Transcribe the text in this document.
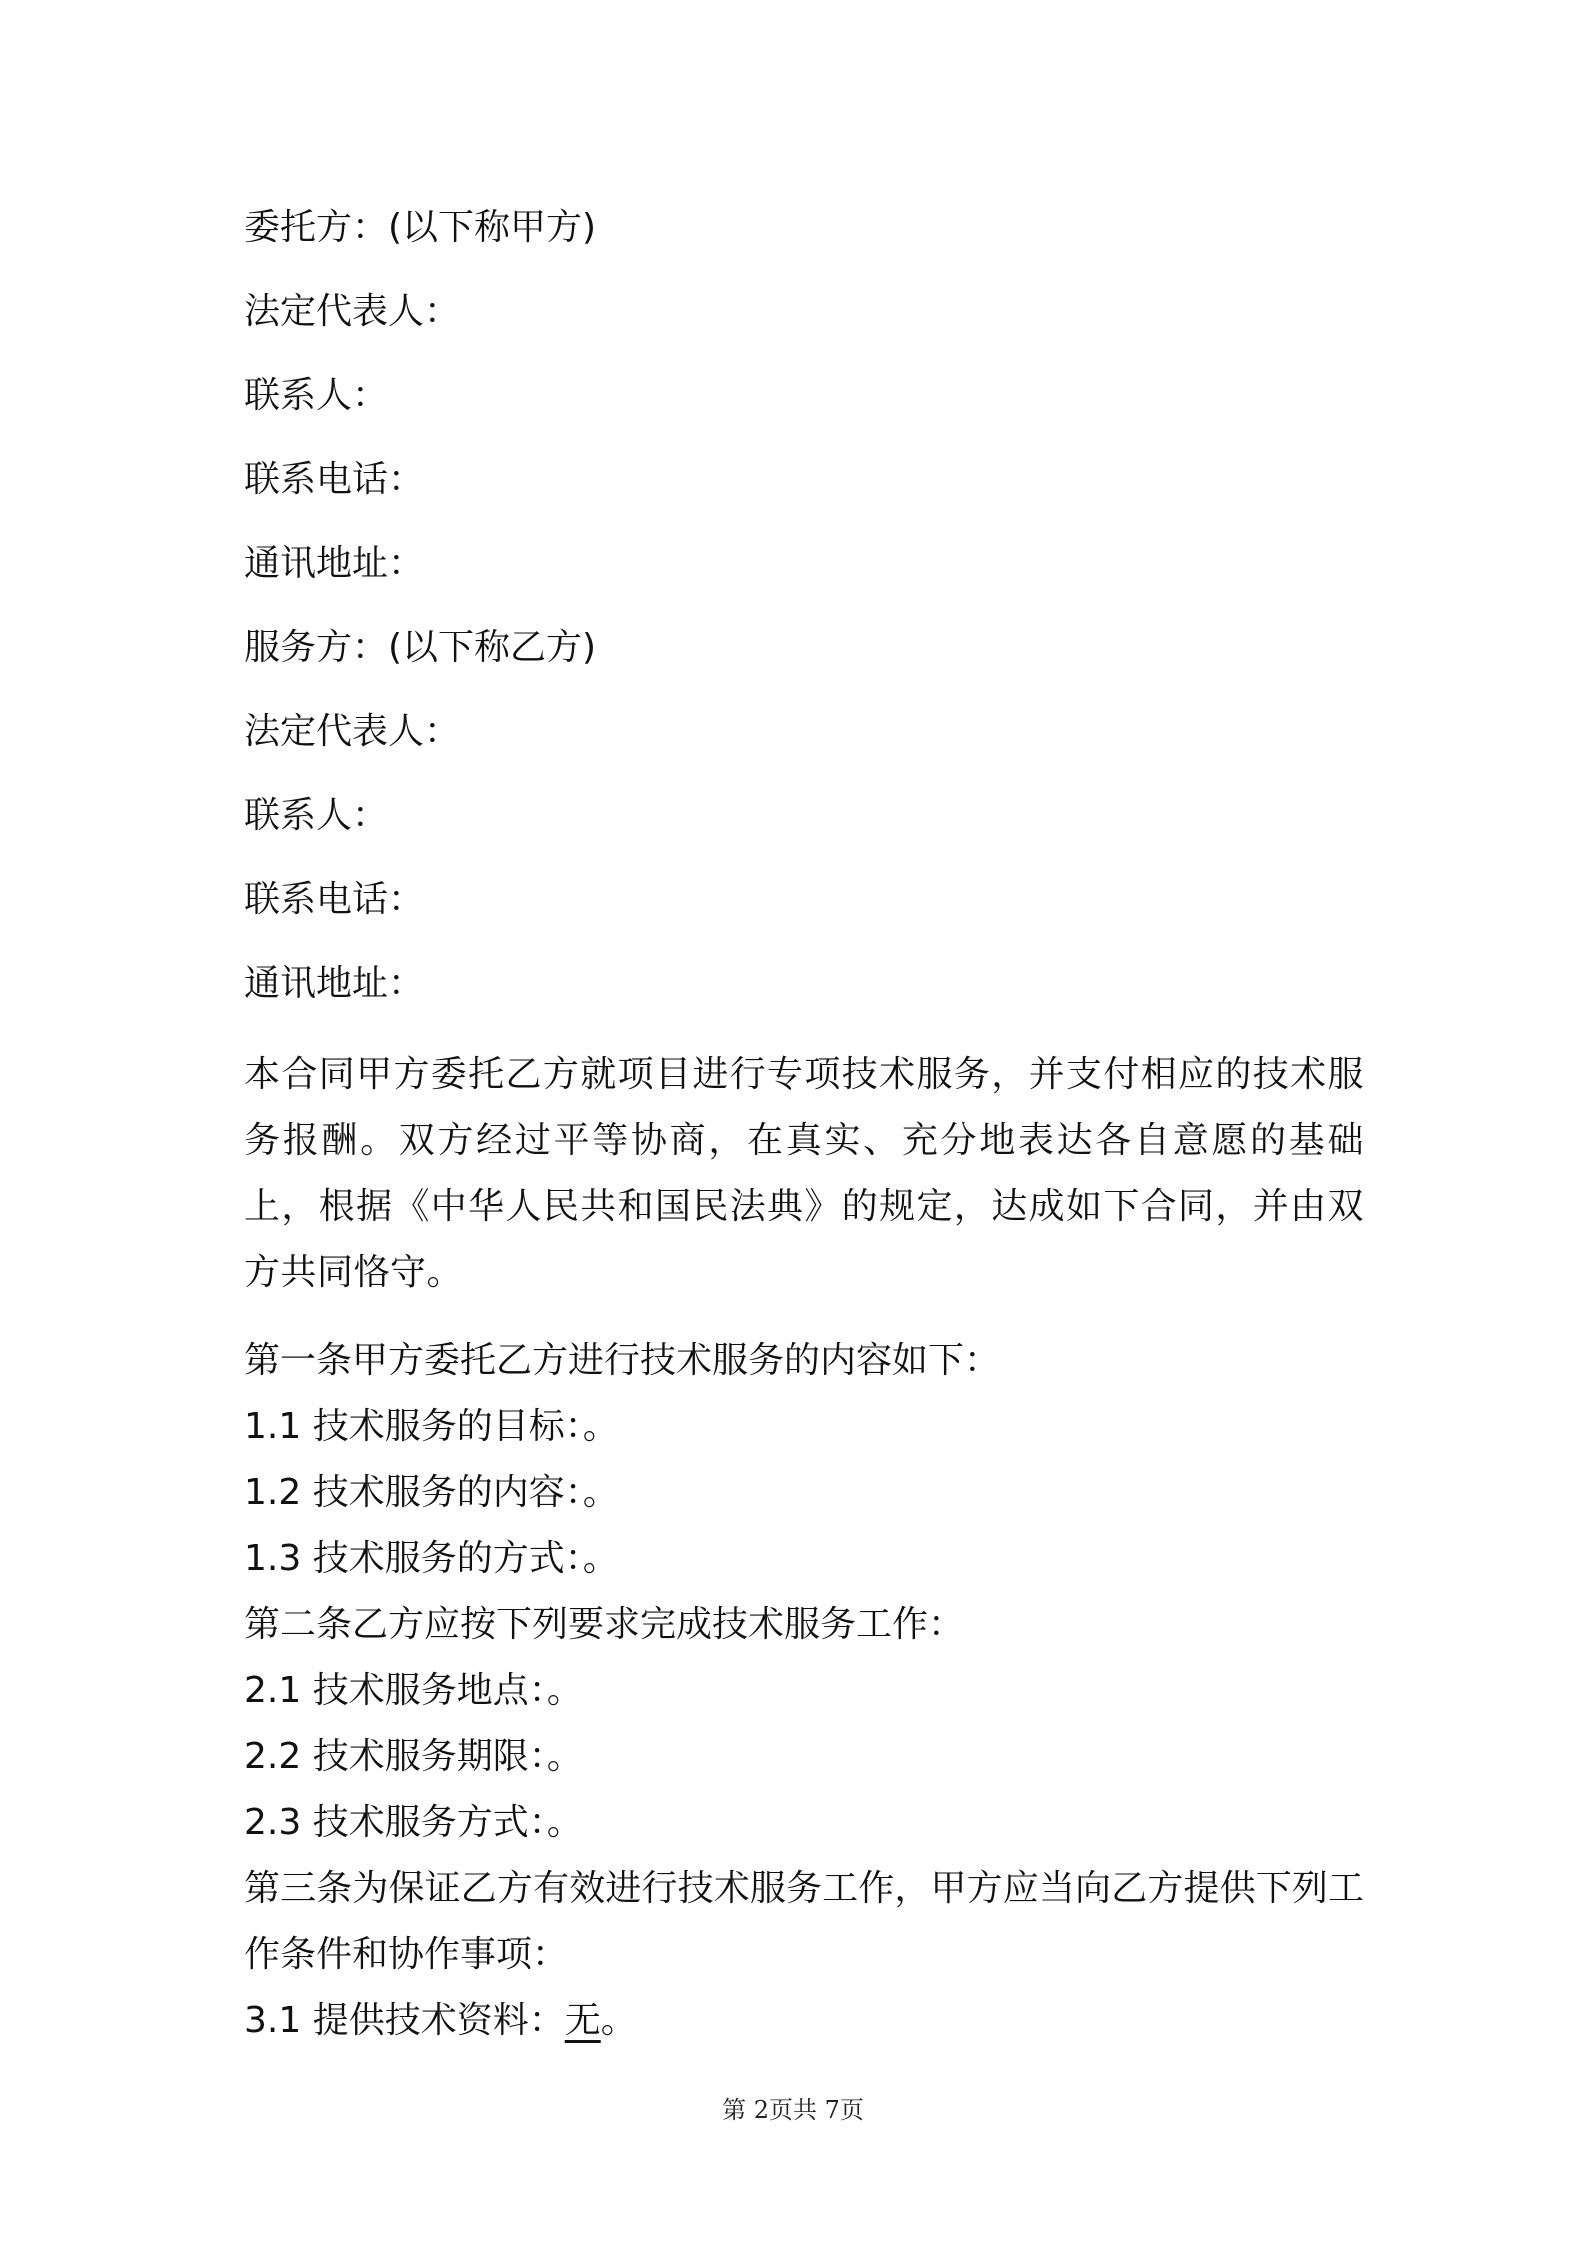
委托方：(以下称甲方)
法定代表人：
联系人：
联系电话：
通讯地址：
服务方：(以下称乙方)
法定代表人：
联系人：
联系电话：
通讯地址：
本合同甲方委托乙方就项目进行专项技术服务，并支付相应的技术服务报酬。双方经过平等协商，在真实、充分地表达各自意愿的基础上，根据《中华人民共和国民法典》的规定，达成如下合同，并由双方共同恪守。
第一条甲方委托乙方进行技术服务的内容如下：
1.1 技术服务的目标：。
1.2 技术服务的内容：。
1.3 技术服务的方式：。
第二条乙方应按下列要求完成技术服务工作：
2.1 技术服务地点：。
2.2 技术服务期限：。
2.3 技术服务方式：。
第三条为保证乙方有效进行技术服务工作，甲方应当向乙方提供下列工作条件和协作事项：
3.1 提供技术资料：无。
第 2页共 7页
